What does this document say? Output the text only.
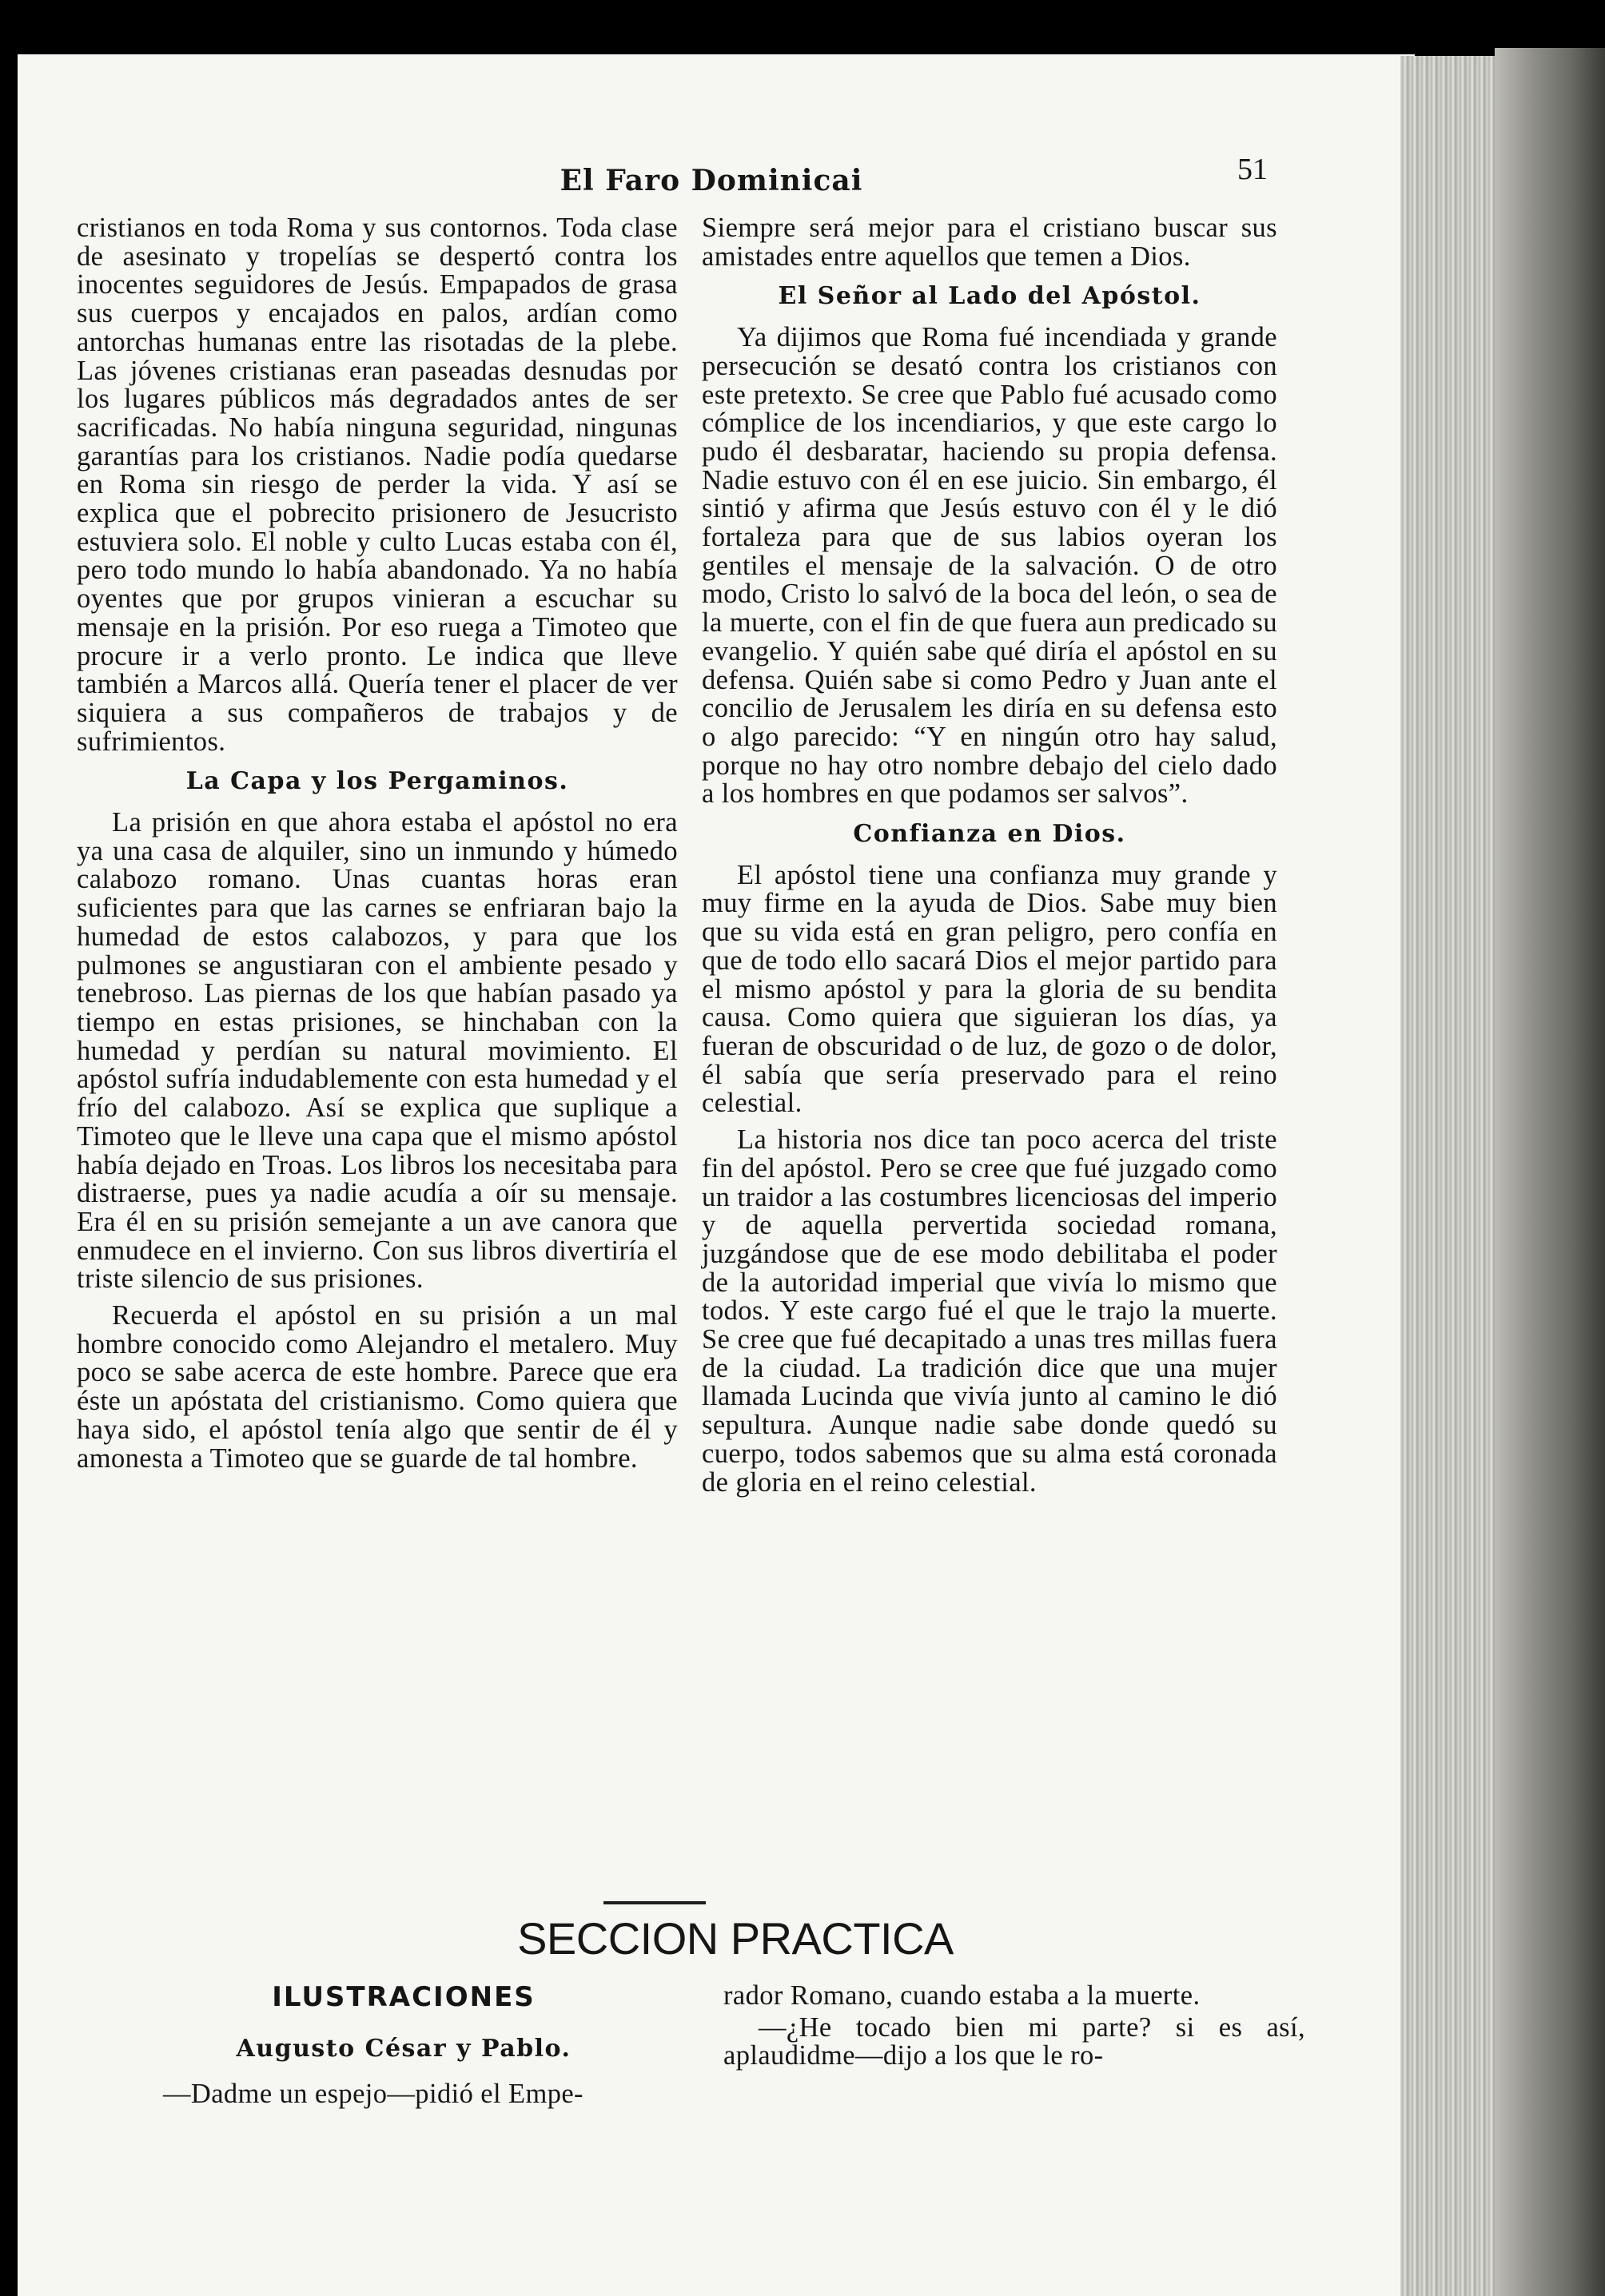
El Faro Dominicai	51

cristianos en toda Roma y sus contornos. Toda clase de asesinato y tropelías se despertó contra los inocentes seguidores de Jesús. Empapados de grasa sus cuerpos y encajados en palos, ardían como antorchas humanas entre las risotadas de la plebe. Las jóvenes cristianas eran paseadas desnudas por los lugares públicos más degradados antes de ser sacrificadas. No había ninguna seguridad, ningunas garantías para los cristianos. Nadie podía quedarse en Roma sin riesgo de perder la vida. Y así se explica que el pobrecito prisionero de Jesucristo estuviera solo. El noble y culto Lucas estaba con él, pero todo mundo lo había abandonado. Ya no había oyentes que por grupos vinieran a escuchar su mensaje en la prisión. Por eso ruega a Timoteo que procure ir a verlo pronto. Le indica que lleve también a Marcos allá. Quería tener el placer de ver siquiera a sus compañeros de trabajos y de sufrimientos.

La Capa y los Pergaminos.

La prisión en que ahora estaba el apóstol no era ya una casa de alquiler, sino un inmundo y húmedo calabozo romano. Unas cuantas horas eran suficientes para que las carnes se enfriaran bajo la humedad de estos calabozos, y para que los pulmones se angustiaran con el ambiente pesado y tenebroso. Las piernas de los que habían pasado ya tiempo en estas prisiones, se hinchaban con la humedad y perdían su natural movimiento. El apóstol sufría indudablemente con esta humedad y el frío del calabozo. Así se explica que suplique a Timoteo que le lleve una capa que el mismo apóstol había dejado en Troas. Los libros los necesitaba para distraerse, pues ya nadie acudía a oír su mensaje. Era él en su prisión semejante a un ave canora que enmudece en el invierno. Con sus libros divertiría el triste silencio de sus prisiones.

Recuerda el apóstol en su prisión a un mal hombre conocido como Alejandro el metalero. Muy poco se sabe acerca de este hombre. Parece que era éste un apóstata del cristianismo. Como quiera que haya sido, el apóstol tenía algo que sentir de él y amonesta a Timoteo que se guarde de tal hombre.

Siempre será mejor para el cristiano buscar sus amistades entre aquellos que temen a Dios.

El Señor al Lado del Apóstol.

Ya dijimos que Roma fué incendiada y grande persecución se desató contra los cristianos con este pretexto. Se cree que Pablo fué acusado como cómplice de los incendiarios, y que este cargo lo pudo él desbaratar, haciendo su propia defensa. Nadie estuvo con él en ese juicio. Sin embargo, él sintió y afirma que Jesús estuvo con él y le dió fortaleza para que de sus labios oyeran los gentiles el mensaje de la salvación. O de otro modo, Cristo lo salvó de la boca del león, o sea de la muerte, con el fin de que fuera aun predicado su evangelio. Y quién sabe qué diría el apóstol en su defensa. Quién sabe si como Pedro y Juan ante el concilio de Jerusalem les diría en su defensa esto o algo parecido: “Y en ningún otro hay salud, porque no hay otro nombre debajo del cielo dado a los hombres en que podamos ser salvos”.

Confianza en Dios.

El apóstol tiene una confianza muy grande y muy firme en la ayuda de Dios. Sabe muy bien que su vida está en gran peligro, pero confía en que de todo ello sacará Dios el mejor partido para el mismo apóstol y para la gloria de su bendita causa. Como quiera que siguieran los días, ya fueran de obscuridad o de luz, de gozo o de dolor, él sabía que sería preservado para el reino celestial.

La historia nos dice tan poco acerca del triste fin del apóstol. Pero se cree que fué juzgado como un traidor a las costumbres licenciosas del imperio y de aquella pervertida sociedad romana, juzgándose que de ese modo debilitaba el poder de la autoridad imperial que vivía lo mismo que todos. Y este cargo fué el que le trajo la muerte. Se cree que fué decapitado a unas tres millas fuera de la ciudad. La tradición dice que una mujer llamada Lucinda que vivía junto al camino le dió sepultura. Aunque nadie sabe donde quedó su cuerpo, todos sabemos que su alma está coronada de gloria en el reino celestial.

SECCION PRACTICA
ILUSTRACIONES
Augusto César y Pablo.

—Dadme un espejo—pidió el Empe-

rador Romano, cuando estaba a la muerte.

—¿He tocado bien mi parte? si es así, aplaudidme—dijo a los que le ro-
